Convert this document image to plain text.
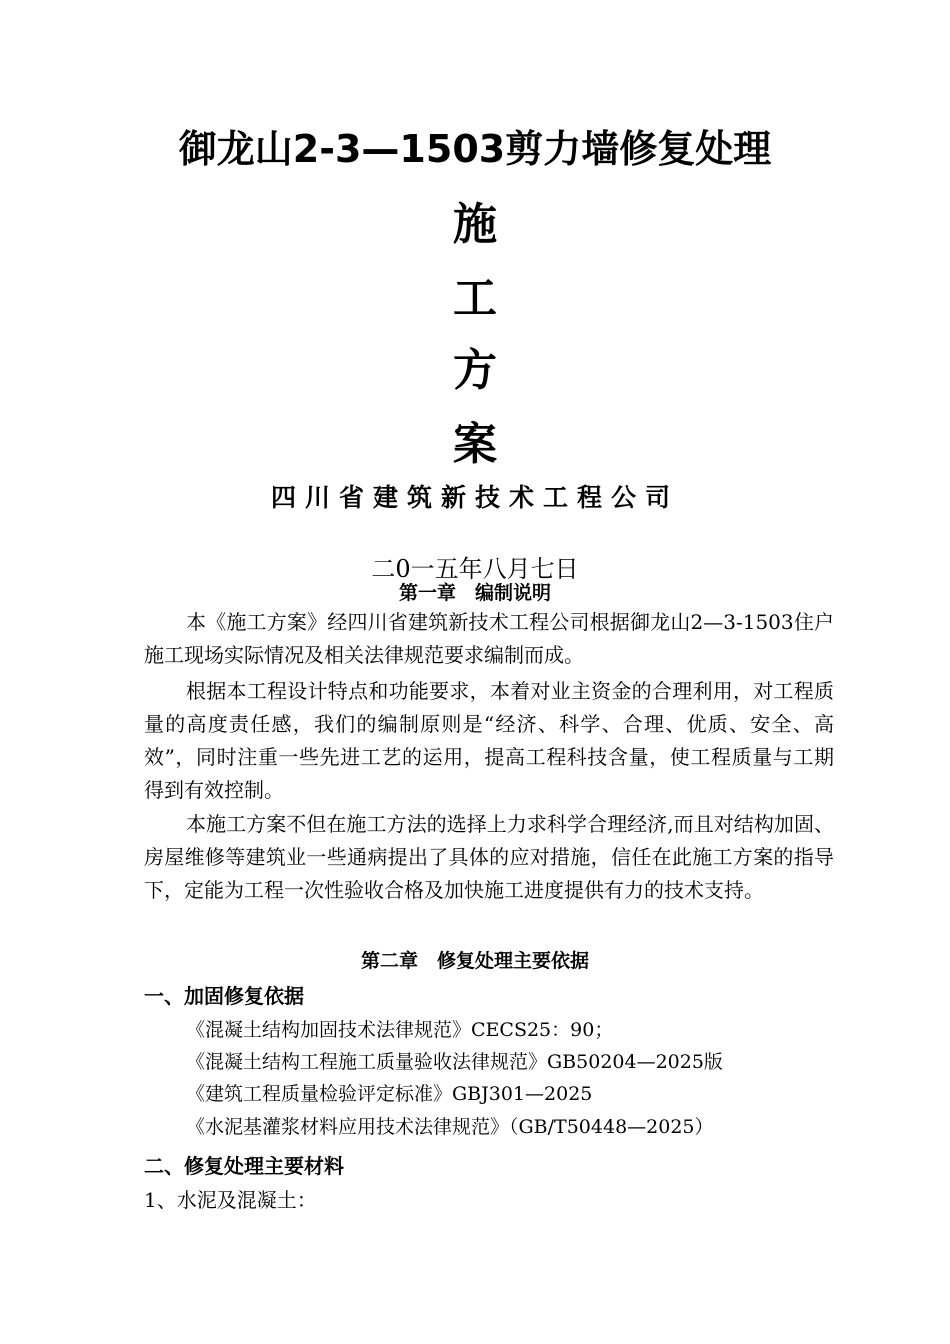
御龙山2-3—1503剪力墙修复处理
施
工
方
案
四川省建筑新技术工程公司
二0一五年八月七日
第一章　编制说明
本《施工方案》经四川省建筑新技术工程公司根据御龙山2—3-1503住户施工现场实际情况及相关法律规范要求编制而成。
根据本工程设计特点和功能要求，本着对业主资金的合理利用，对工程质量的高度责任感，我们的编制原则是“经济、科学、合理、优质、安全、高效”，同时注重一些先进工艺的运用，提高工程科技含量，使工程质量与工期得到有效控制。
本施工方案不但在施工方法的选择上力求科学合理经济,而且对结构加固、房屋维修等建筑业一些通病提出了具体的应对措施，信任在此施工方案的指导下，定能为工程一次性验收合格及加快施工进度提供有力的技术支持。
第二章　修复处理主要依据
一、加固修复依据
《混凝土结构加固技术法律规范》CECS25：90；
《混凝土结构工程施工质量验收法律规范》GB50204—2025版
《建筑工程质量检验评定标准》GBJ301—2025
《水泥基灌浆材料应用技术法律规范》（GB/T50448—2025）
二、修复处理主要材料
1、水泥及混凝土：
